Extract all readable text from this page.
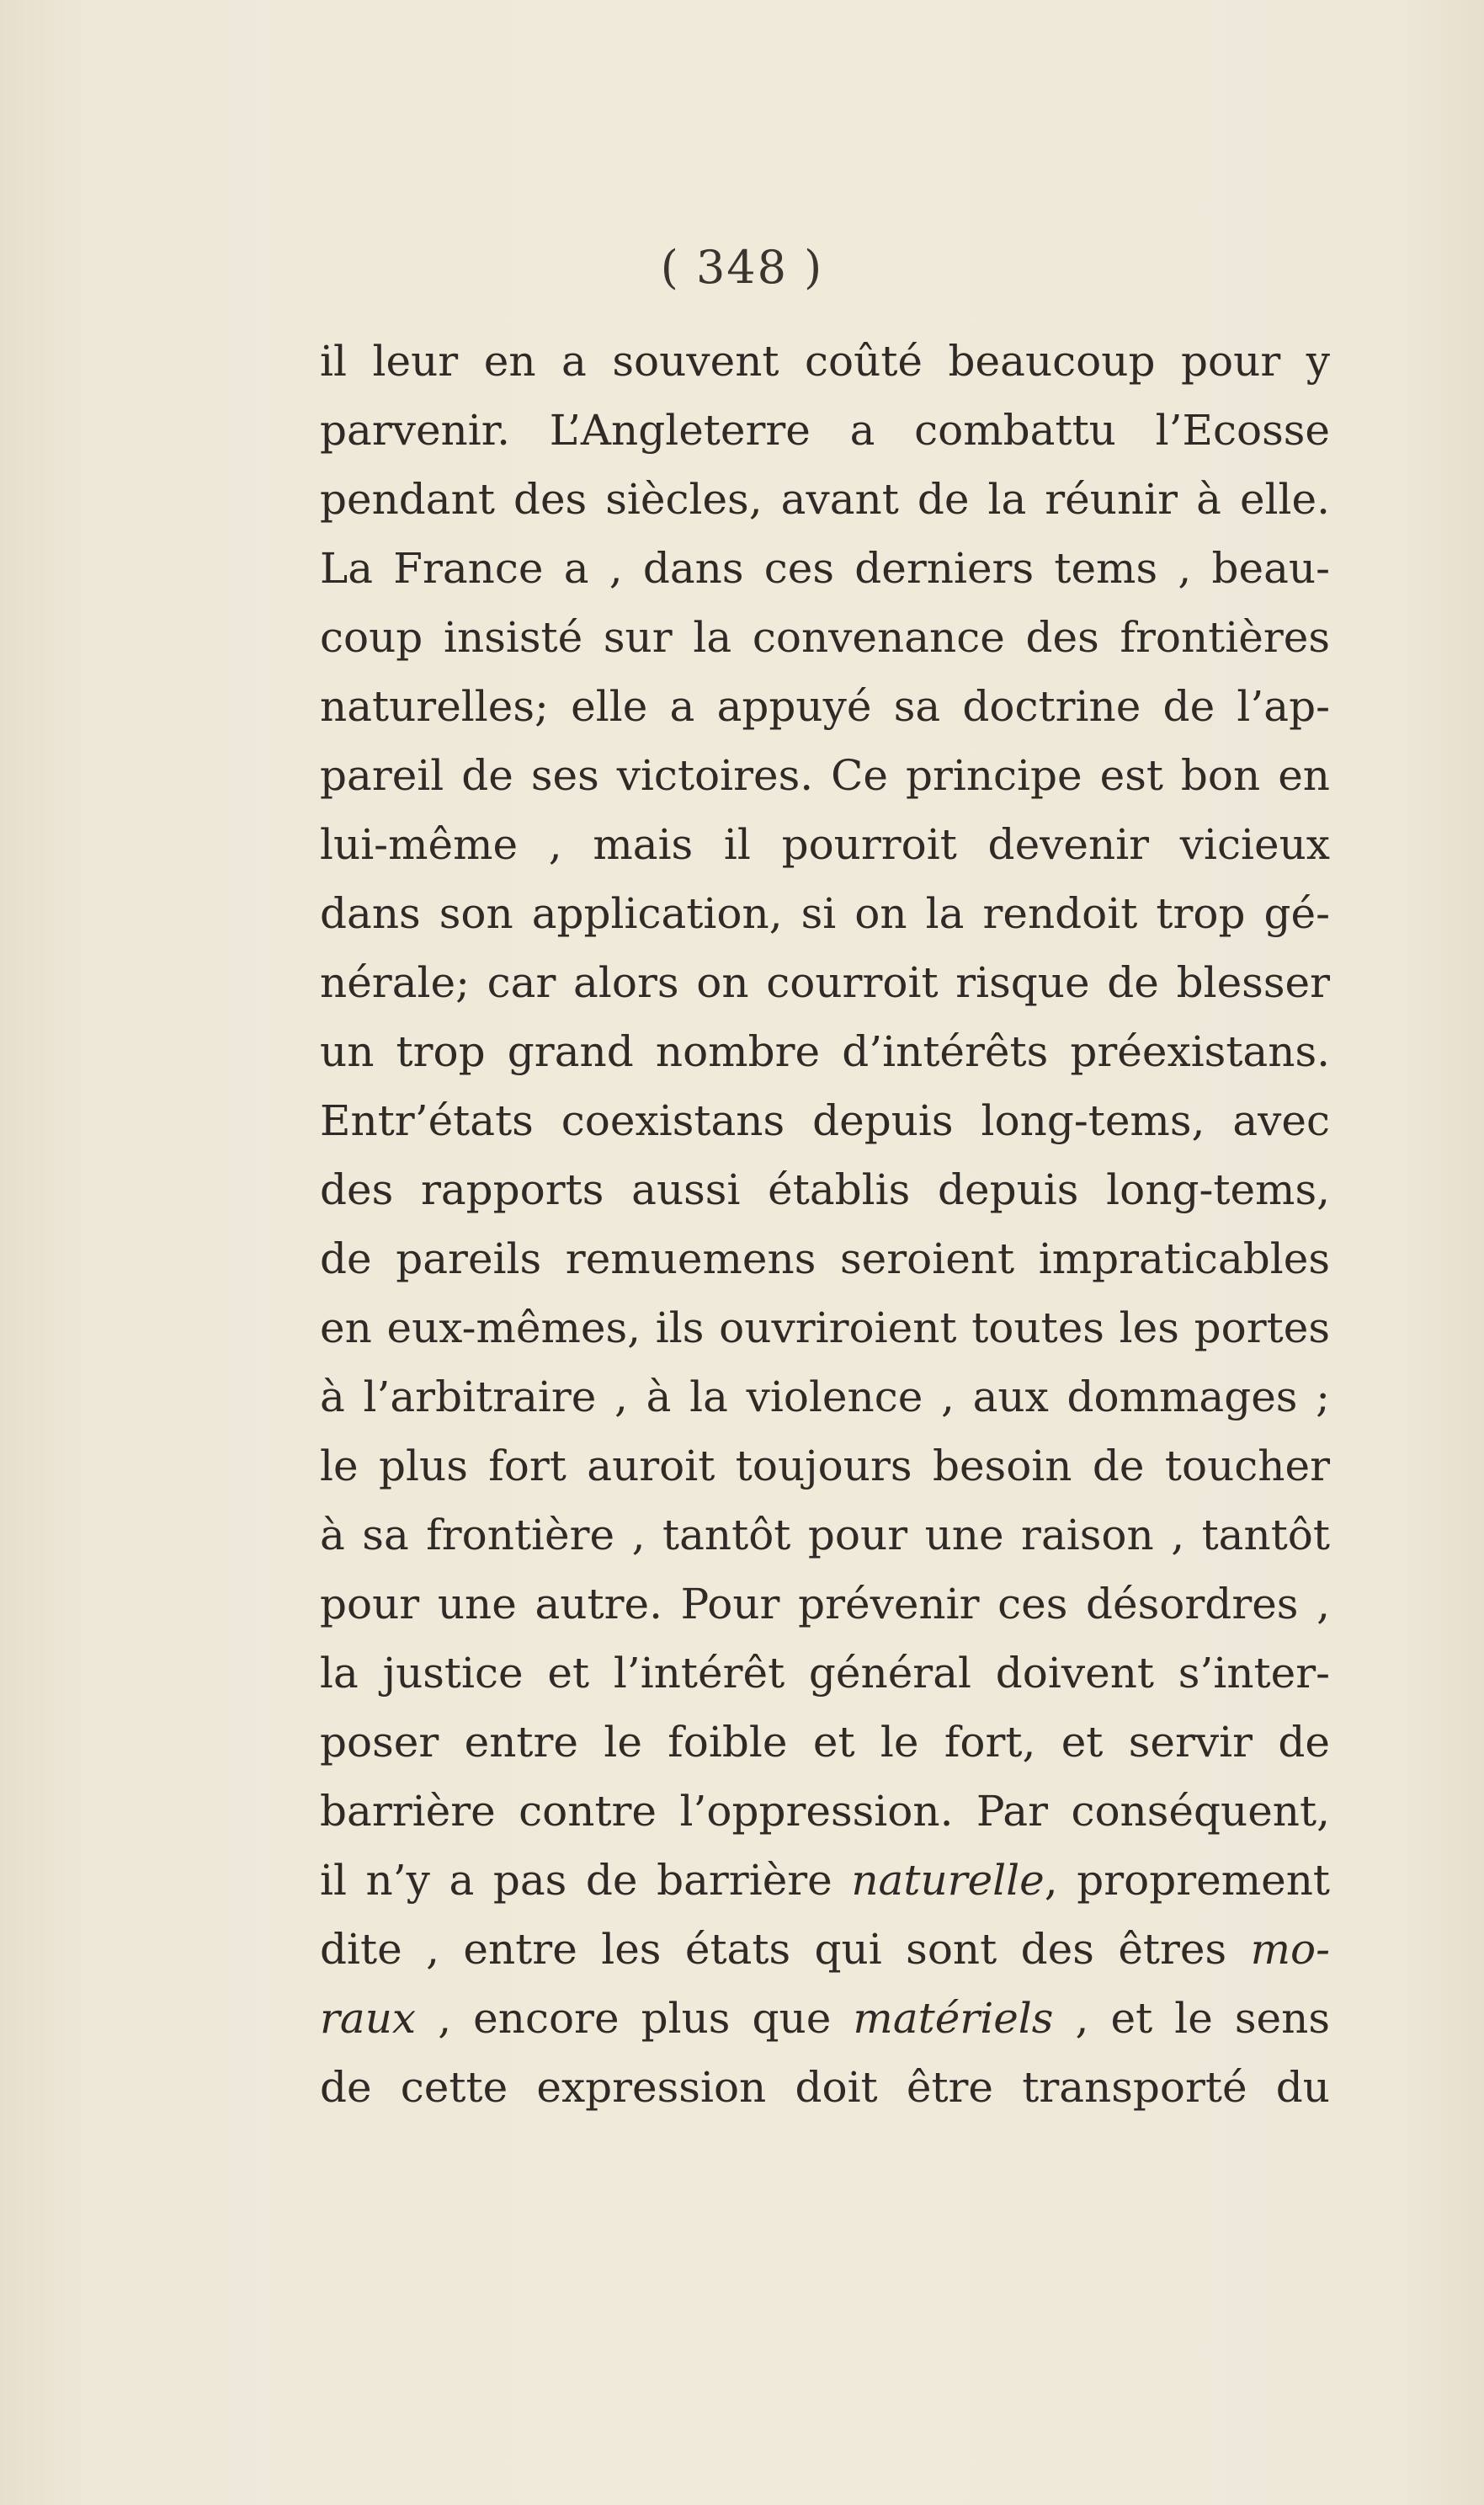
( 348 )
il leur en a souvent coûté beaucoup pour y
parvenir. L’Angleterre a combattu l’Ecosse
pendant des siècles, avant de la réunir à elle.
La France a , dans ces derniers tems , beau-
coup insisté sur la convenance des frontières
naturelles; elle a appuyé sa doctrine de l’ap-
pareil de ses victoires. Ce principe est bon en
lui-même , mais il pourroit devenir vicieux
dans son application, si on la rendoit trop gé-
nérale; car alors on courroit risque de blesser
un trop grand nombre d’intérêts préexistans.
Entr’états coexistans depuis long-tems, avec
des rapports aussi établis depuis long-tems,
de pareils remuemens seroient impraticables
en eux-mêmes, ils ouvriroient toutes les portes
à l’arbitraire , à la violence , aux dommages ;
le plus fort auroit toujours besoin de toucher
à sa frontière , tantôt pour une raison , tantôt
pour une autre. Pour prévenir ces désordres ,
la justice et l’intérêt général doivent s’inter-
poser entre le foible et le fort, et servir de
barrière contre l’oppression. Par conséquent,
il n’y a pas de barrière naturelle, proprement
dite , entre les états qui sont des êtres mo-
raux , encore plus que matériels , et le sens
de cette expression doit être transporté du
